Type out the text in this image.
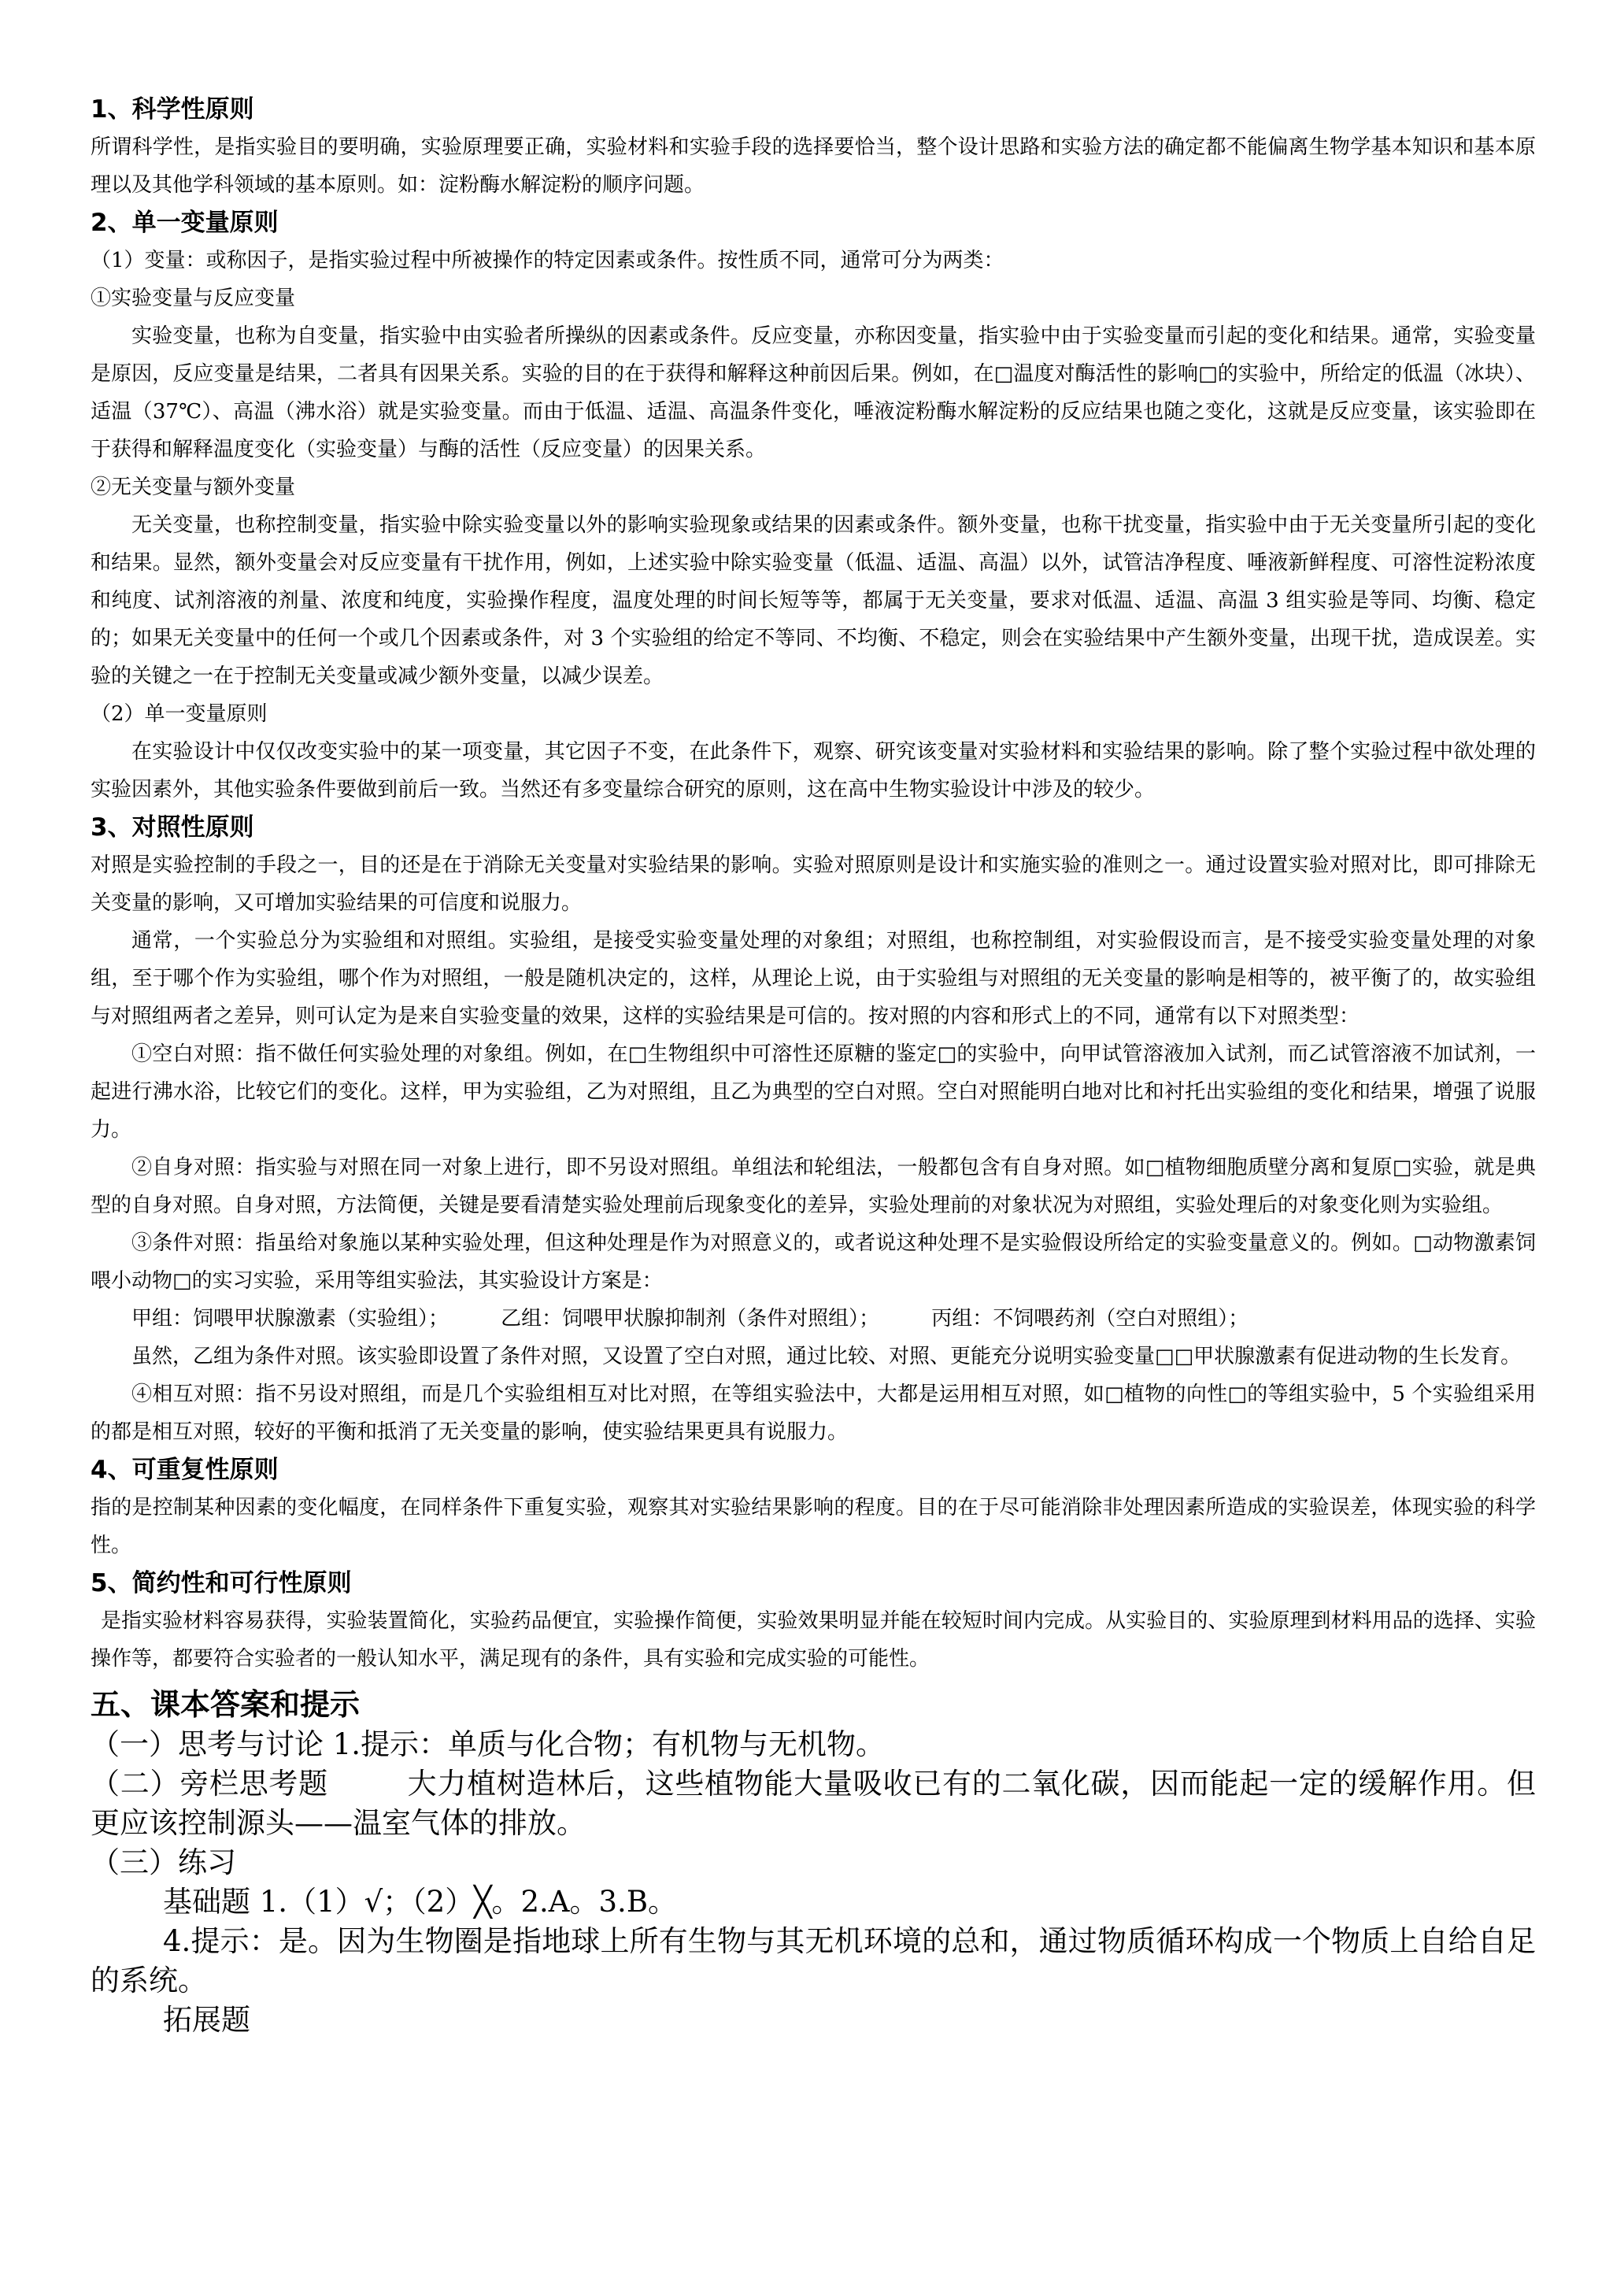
1、科学性原则

所谓科学性，是指实验目的要明确，实验原理要正确，实验材料和实验手段的选择要恰当，整个设计思路和实验方法的确定都不能偏离生物学基本知识和基本原理以及其他学科领域的基本原则。如：淀粉酶水解淀粉的顺序问题。

2、单一变量原则

（1）变量：或称因子，是指实验过程中所被操作的特定因素或条件。按性质不同，通常可分为两类：

①实验变量与反应变量

实验变量，也称为自变量，指实验中由实验者所操纵的因素或条件。反应变量，亦称因变量，指实验中由于实验变量而引起的变化和结果。通常，实验变量是原因，反应变量是结果，二者具有因果关系。实验的目的在于获得和解释这种前因后果。例如，在□温度对酶活性的影响□的实验中，所给定的低温（冰块）、适温（37℃）、高温（沸水浴）就是实验变量。而由于低温、适温、高温条件变化，唾液淀粉酶水解淀粉的反应结果也随之变化，这就是反应变量，该实验即在于获得和解释温度变化（实验变量）与酶的活性（反应变量）的因果关系。

②无关变量与额外变量

无关变量，也称控制变量，指实验中除实验变量以外的影响实验现象或结果的因素或条件。额外变量，也称干扰变量，指实验中由于无关变量所引起的变化和结果。显然，额外变量会对反应变量有干扰作用，例如，上述实验中除实验变量（低温、适温、高温）以外，试管洁净程度、唾液新鲜程度、可溶性淀粉浓度和纯度、试剂溶液的剂量、浓度和纯度，实验操作程度，温度处理的时间长短等等，都属于无关变量，要求对低温、适温、高温 3 组实验是等同、均衡、稳定的；如果无关变量中的任何一个或几个因素或条件，对 3 个实验组的给定不等同、不均衡、不稳定，则会在实验结果中产生额外变量，出现干扰，造成误差。实验的关键之一在于控制无关变量或减少额外变量，以减少误差。

（2）单一变量原则

在实验设计中仅仅改变实验中的某一项变量，其它因子不变，在此条件下，观察、研究该变量对实验材料和实验结果的影响。除了整个实验过程中欲处理的实验因素外，其他实验条件要做到前后一致。当然还有多变量综合研究的原则，这在高中生物实验设计中涉及的较少。

3、对照性原则

对照是实验控制的手段之一，目的还是在于消除无关变量对实验结果的影响。实验对照原则是设计和实施实验的准则之一。通过设置实验对照对比，即可排除无关变量的影响，又可增加实验结果的可信度和说服力。

通常，一个实验总分为实验组和对照组。实验组，是接受实验变量处理的对象组；对照组，也称控制组，对实验假设而言，是不接受实验变量处理的对象组，至于哪个作为实验组，哪个作为对照组，一般是随机决定的，这样，从理论上说，由于实验组与对照组的无关变量的影响是相等的，被平衡了的，故实验组与对照组两者之差异，则可认定为是来自实验变量的效果，这样的实验结果是可信的。按对照的内容和形式上的不同，通常有以下对照类型：

①空白对照：指不做任何实验处理的对象组。例如，在□生物组织中可溶性还原糖的鉴定□的实验中，向甲试管溶液加入试剂，而乙试管溶液不加试剂，一起进行沸水浴，比较它们的变化。这样，甲为实验组，乙为对照组，且乙为典型的空白对照。空白对照能明白地对比和衬托出实验组的变化和结果，增强了说服力。

②自身对照：指实验与对照在同一对象上进行，即不另设对照组。单组法和轮组法，一般都包含有自身对照。如□植物细胞质壁分离和复原□实验，就是典型的自身对照。自身对照，方法简便，关键是要看清楚实验处理前后现象变化的差异，实验处理前的对象状况为对照组，实验处理后的对象变化则为实验组。

③条件对照：指虽给对象施以某种实验处理，但这种处理是作为对照意义的，或者说这种处理不是实验假设所给定的实验变量意义的。例如。□动物激素饲喂小动物□的实习实验，采用等组实验法，其实验设计方案是：

甲组：饲喂甲状腺激素（实验组）；	乙组：饲喂甲状腺抑制剂（条件对照组）；	丙组：不饲喂药剂（空白对照组）；

虽然，乙组为条件对照。该实验即设置了条件对照，又设置了空白对照，通过比较、对照、更能充分说明实验变量□□甲状腺激素有促进动物的生长发育。

④相互对照：指不另设对照组，而是几个实验组相互对比对照，在等组实验法中，大都是运用相互对照，如□植物的向性□的等组实验中，5 个实验组采用的都是相互对照，较好的平衡和抵消了无关变量的影响，使实验结果更具有说服力。

4、可重复性原则

指的是控制某种因素的变化幅度，在同样条件下重复实验，观察其对实验结果影响的程度。目的在于尽可能消除非处理因素所造成的实验误差，体现实验的科学性。

5、简约性和可行性原则

是指实验材料容易获得，实验装置简化，实验药品便宜，实验操作简便，实验效果明显并能在较短时间内完成。从实验目的、实验原理到材料用品的选择、实验操作等，都要符合实验者的一般认知水平，满足现有的条件，具有实验和完成实验的可能性。

五、课本答案和提示

（一）思考与讨论 1.提示：单质与化合物；有机物与无机物。

（二）旁栏思考题	大力植树造林后，这些植物能大量吸收已有的二氧化碳，因而能起一定的缓解作用。但更应该控制源头——温室气体的排放。

（三）练习

基础题 1.（1）√；（2）╳。2.A。3.B。

4.提示：是。因为生物圈是指地球上所有生物与其无机环境的总和，通过物质循环构成一个物质上自给自足的系统。

拓展题
